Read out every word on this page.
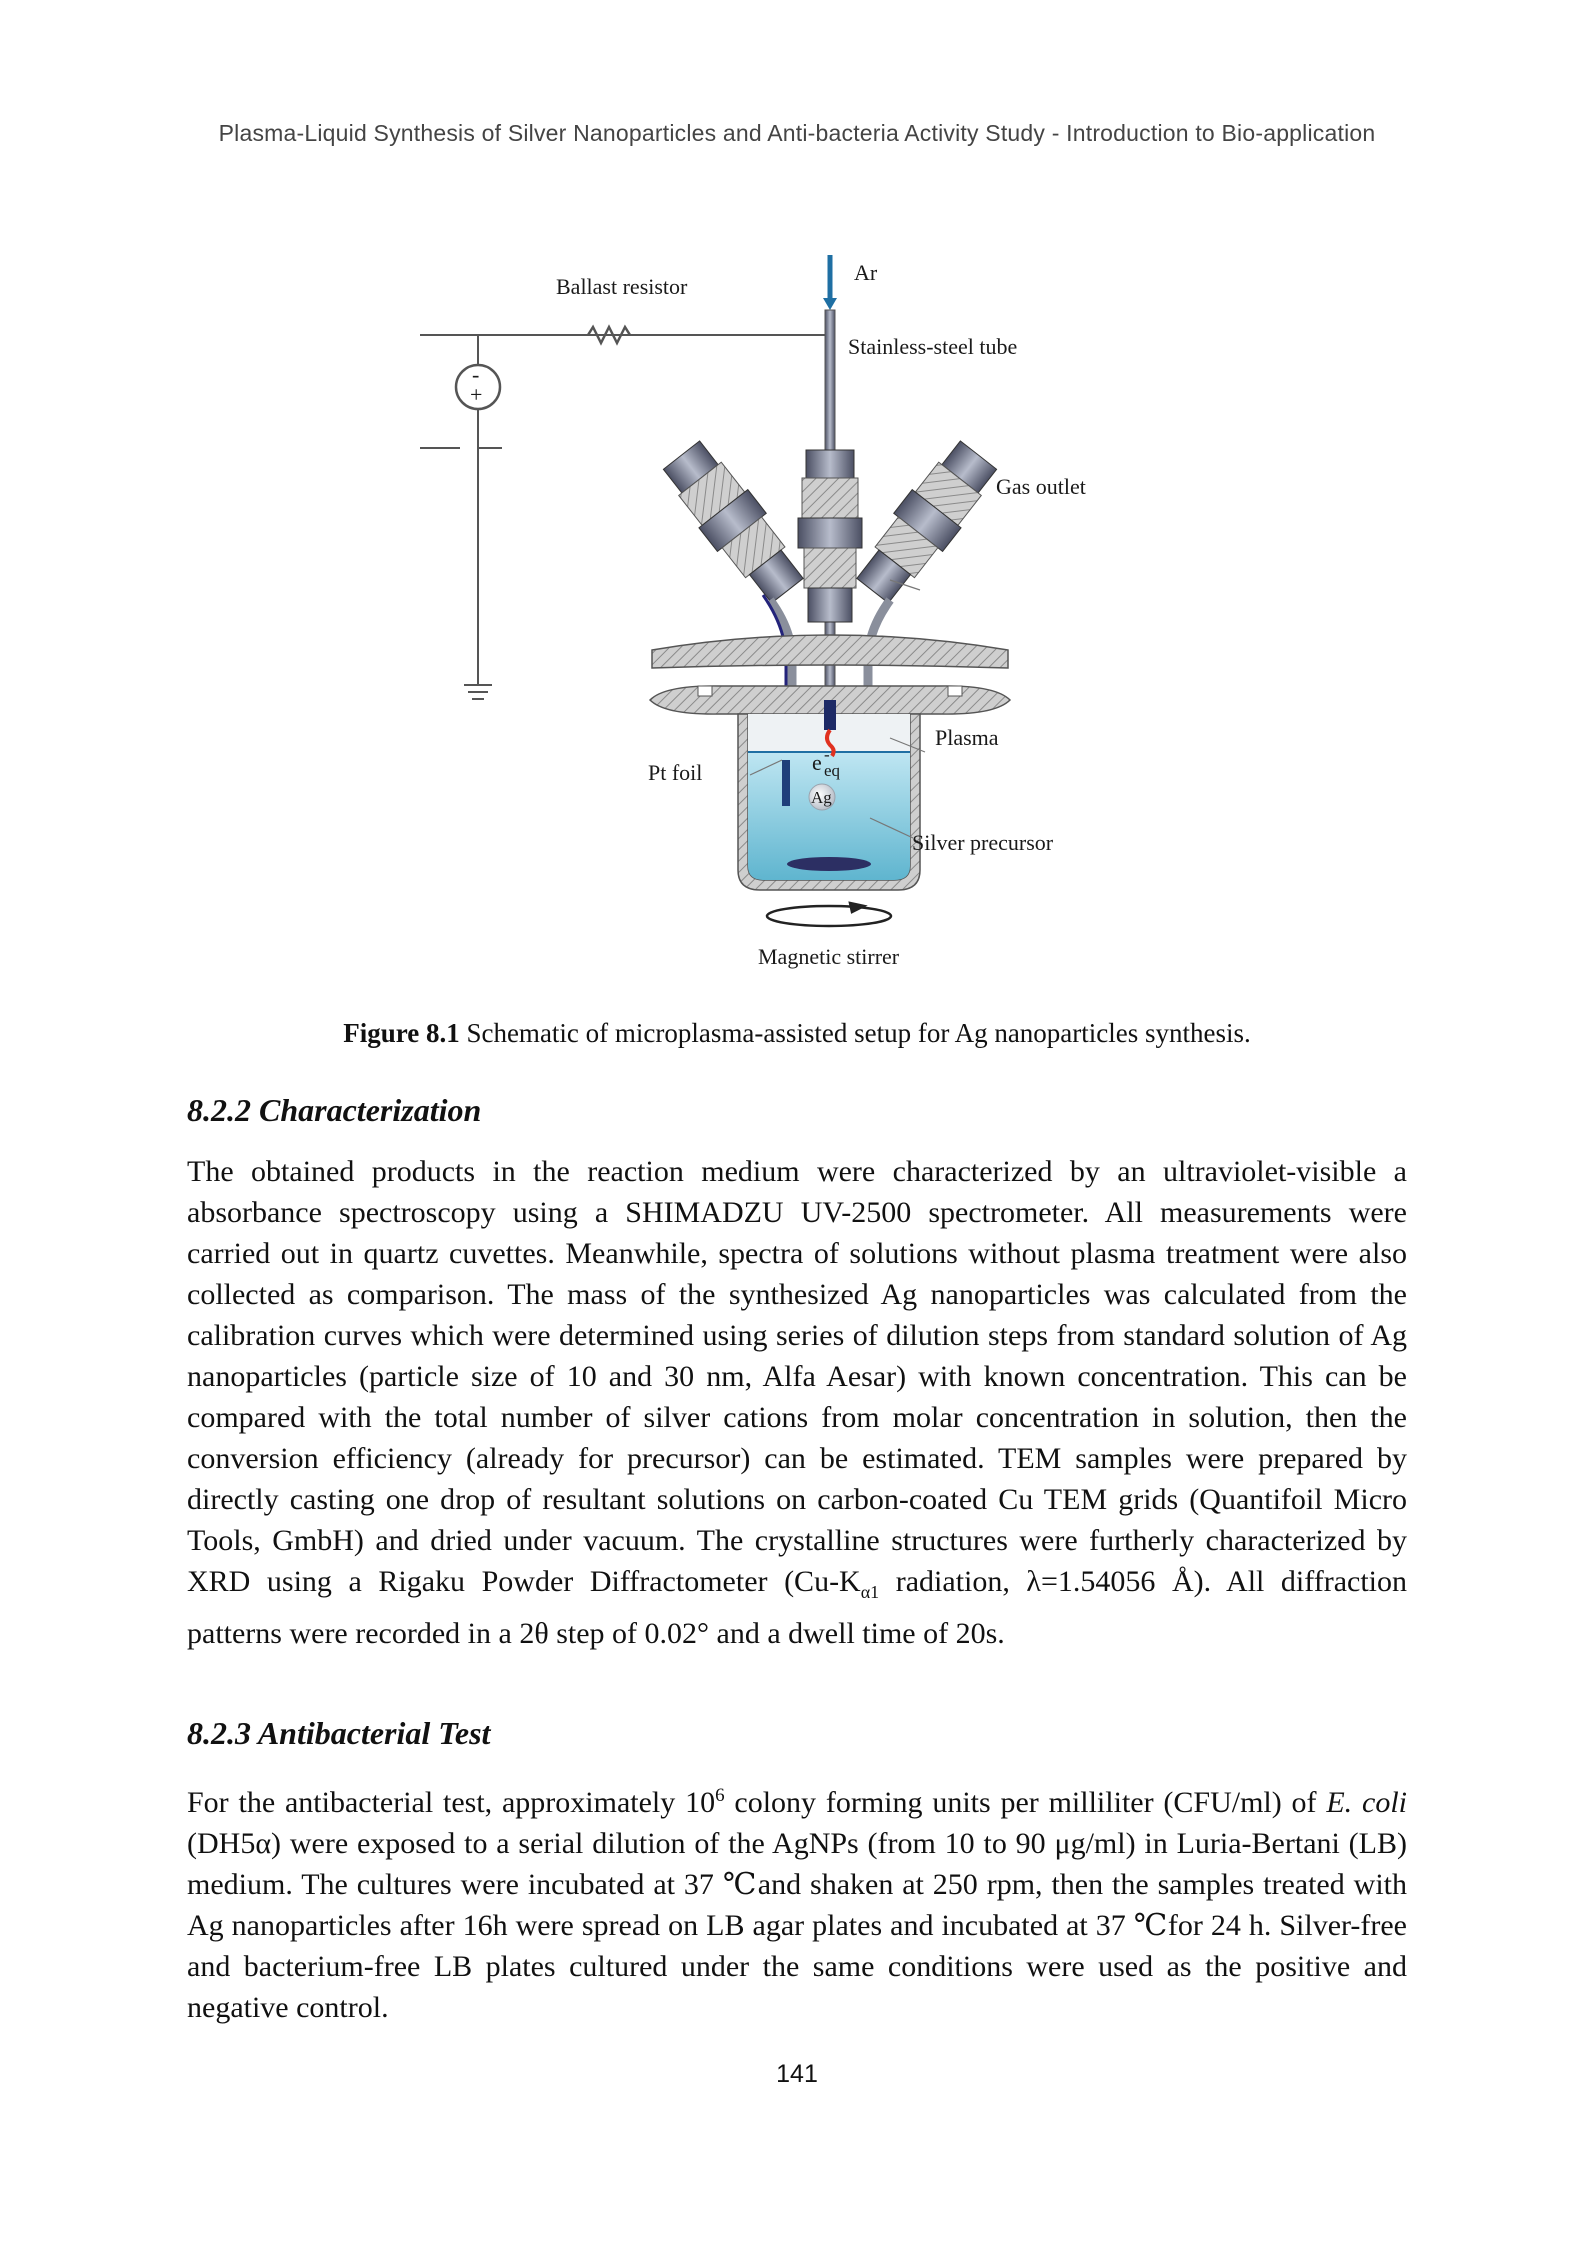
Plasma-Liquid Synthesis of Silver Nanoparticles and Anti-bacteria Activity Study - Introduction to Bio-application
-
+
Ag
e -
eq
Ar
Ballast resistor
Stainless-steel tube
Gas outlet
Plasma
Pt foil
Silver precursor
Magnetic stirrer
Figure 8.1 Schematic of microplasma-assisted setup for Ag nanoparticles synthesis.
8.2.2 Characterization

The obtained products in the reaction medium were characterized by an ultraviolet-visible a absorbance spectroscopy using a SHIMADZU UV-2500 spectrometer. All measurements were carried out in quartz cuvettes. Meanwhile, spectra of solutions without plasma treatment were also collected as comparison. The mass of the synthesized Ag nanoparticles was calculated from the calibration curves which were determined using series of dilution steps from standard solution of Ag nanoparticles (particle size of 10 and 30 nm, Alfa Aesar) with known concentration. This can be compared with the total number of silver cations from molar concentration in solution, then the conversion efficiency (already for precursor) can be estimated. TEM samples were prepared by directly casting one drop of resultant solutions on carbon-coated Cu TEM grids (Quantifoil Micro Tools, GmbH) and dried under vacuum. The crystalline structures were furtherly characterized by XRD using a Rigaku Powder Diffractometer ($Cu-K_{\alpha 1}$ radiation, λ=1.54056 Å). All diffraction patterns were recorded in a 2θ step of 0.02° and a dwell time of 20s.

8.2.3 Antibacterial Test

For the antibacterial test, approximately $10^6$ colony forming units per milliliter (CFU/ml) of E. coli (DH5α) were exposed to a serial dilution of the AgNPs (from 10 to 90 μg/ml) in Luria-Bertani (LB) medium. The cultures were incubated at 37 ℃and shaken at 250 rpm, then the samples treated with Ag nanoparticles after 16h were spread on LB agar plates and incubated at 37 ℃for 24 h. Silver-free and bacterium-free LB plates cultured under the same conditions were used as the positive and negative control.

141
